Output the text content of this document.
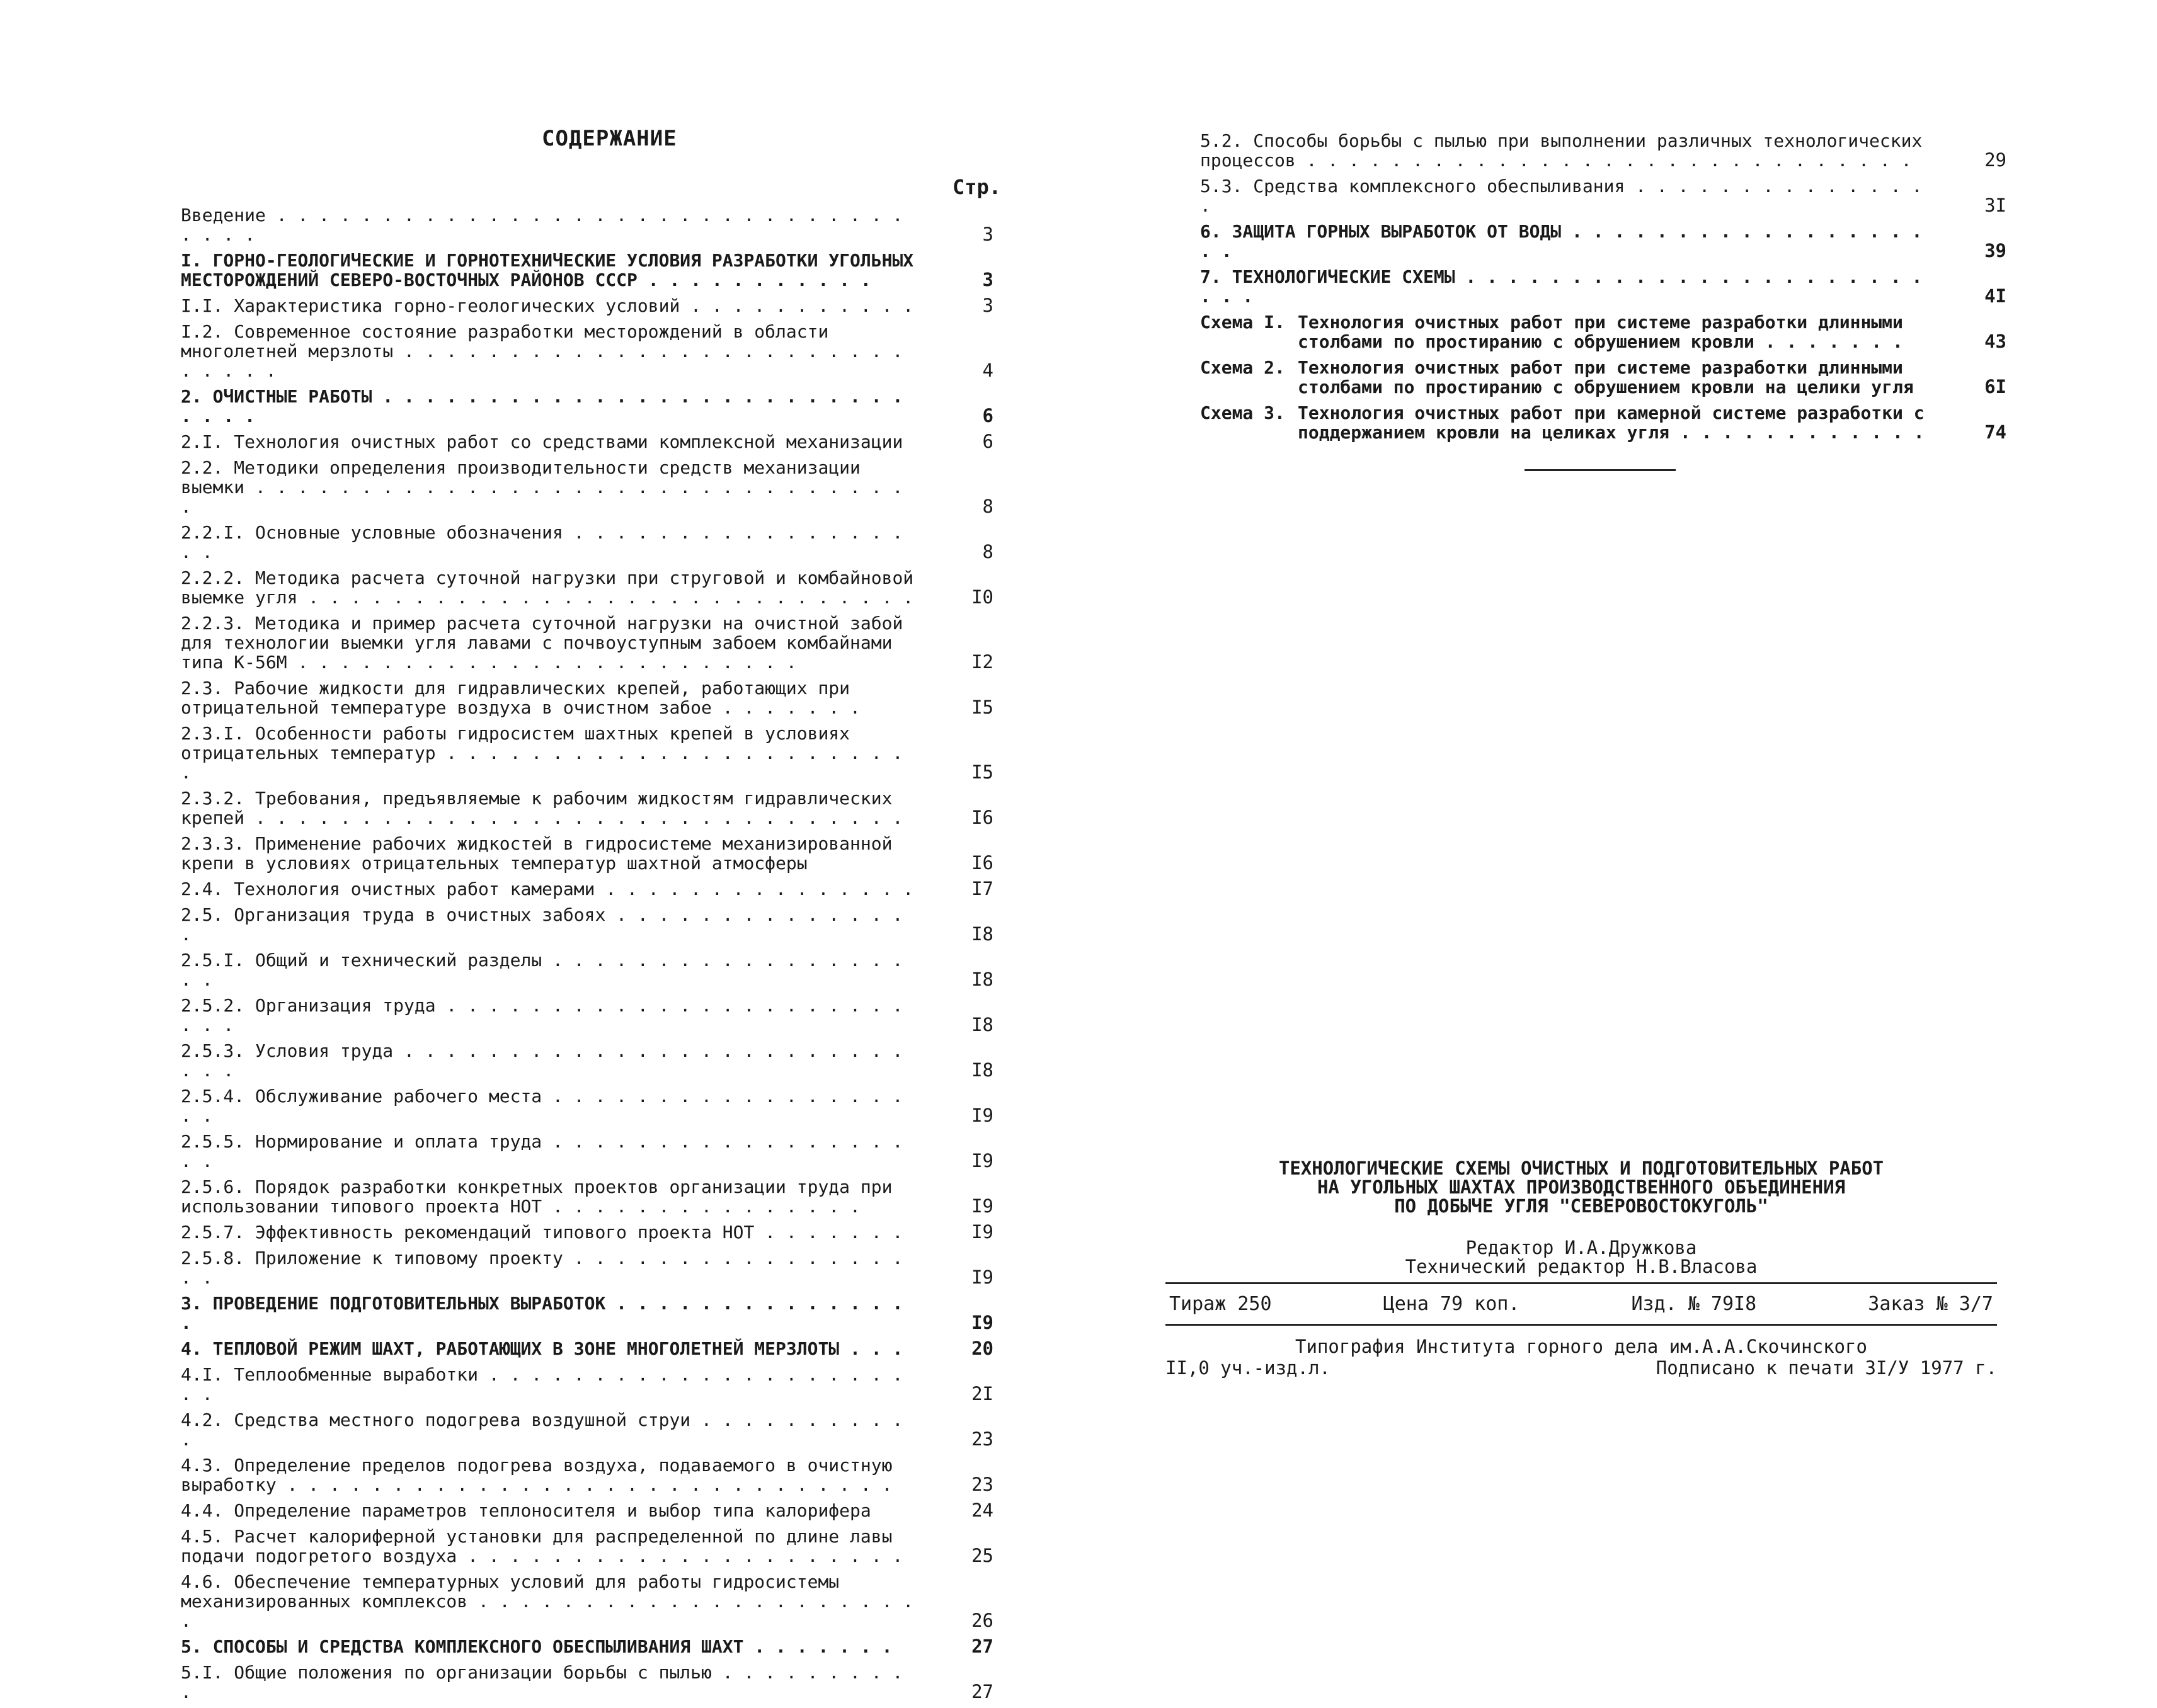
СОДЕРЖАНИЕ
Стр.
Введение . . . . . . . . . . . . . . . . . . . . . . . . . . . . . . . . . .	3
I. ГОРНО-ГЕОЛОГИЧЕСКИЕ И ГОРНОТЕХНИЧЕСКИЕ УСЛОВИЯ РАЗРАБОТКИ УГОЛЬНЫХ МЕСТОРОЖДЕНИЙ СЕВЕРО-ВОСТОЧНЫХ РАЙОНОВ СССР . . . . . . . . . . .	3
I.I. Характеристика горно-геологических условий . . . . . . . . . . .	3
I.2. Современное состояние разработки месторождений в области многолетней мерзлоты . . . . . . . . . . . . . . . . . . . . . . . . . . . . .	4
2. ОЧИСТНЫЕ РАБОТЫ . . . . . . . . . . . . . . . . . . . . . . . . . . . . .	6
2.I. Технология очистных работ со средствами комплексной механизации	6
2.2. Методики определения производительности средств механизации выемки . . . . . . . . . . . . . . . . . . . . . . . . . . . . . . . .	8
2.2.I. Основные условные обозначения . . . . . . . . . . . . . . . . . .	8
2.2.2. Методика расчета суточной нагрузки при струговой и комбайновой выемке угля . . . . . . . . . . . . . . . . . . . . . . . . . . . . .	I0
2.2.3. Методика и пример расчета суточной нагрузки на очистной забой для технологии выемки угля лавами с почвоуступным забоем комбайнами типа К-56М . . . . . . . . . . . . . . . . . . . . . . . .	I2
2.3. Рабочие жидкости для гидравлических крепей, работающих при отрицательной температуре воздуха в очистном забое . . . . . . .	I5
2.3.I. Особенности работы гидросистем шахтных крепей в условиях отрицательных температур . . . . . . . . . . . . . . . . . . . . . . .	I5
2.3.2. Требования, предъявляемые к рабочим жидкостям гидравлических крепей . . . . . . . . . . . . . . . . . . . . . . . . . . . . . . .	I6
2.3.3. Применение рабочих жидкостей в гидросистеме механизированной крепи в условиях отрицательных температур шахтной атмосферы	I6
2.4. Технология очистных работ камерами . . . . . . . . . . . . . . .	I7
2.5. Организация труда в очистных забоях . . . . . . . . . . . . . . .	I8
2.5.I. Общий и технический разделы . . . . . . . . . . . . . . . . . . .	I8
2.5.2. Организация труда . . . . . . . . . . . . . . . . . . . . . . . . .	I8
2.5.3. Условия труда . . . . . . . . . . . . . . . . . . . . . . . . . . .	I8
2.5.4. Обслуживание рабочего места . . . . . . . . . . . . . . . . . . .	I9
2.5.5. Нормирование и оплата труда . . . . . . . . . . . . . . . . . . .	I9
2.5.6. Порядок разработки конкретных проектов организации труда при использовании типового проекта НОТ . . . . . . . . . . . . . . .	I9
2.5.7. Эффективность рекомендаций типового проекта НОТ . . . . . . .	I9
2.5.8. Приложение к типовому проекту . . . . . . . . . . . . . . . . . .	I9
3. ПРОВЕДЕНИЕ ПОДГОТОВИТЕЛЬНЫХ ВЫРАБОТОК . . . . . . . . . . . . . . .	I9
4. ТЕПЛОВОЙ РЕЖИМ ШАХТ, РАБОТАЮЩИХ В ЗОНЕ МНОГОЛЕТНЕЙ МЕРЗЛОТЫ . . .	20
4.I. Теплообменные выработки . . . . . . . . . . . . . . . . . . . . . .	2I
4.2. Средства местного подогрева воздушной струи . . . . . . . . . . .	23
4.3. Определение пределов подогрева воздуха, подаваемого в очистную выработку . . . . . . . . . . . . . . . . . . . . . . . . . . . . .	23
4.4. Определение параметров теплоносителя и выбор типа калорифера	24
4.5. Расчет калориферной установки для распределенной по длине лавы подачи подогретого воздуха . . . . . . . . . . . . . . . . . . . . .	25
4.6. Обеспечение температурных условий для работы гидросистемы механизированных комплексов . . . . . . . . . . . . . . . . . . . . . .	26
5. СПОСОБЫ И СРЕДСТВА КОМПЛЕКСНОГО ОБЕСПЫЛИВАНИЯ ШАХТ . . . . . . .	27
5.I. Общие положения по организации борьбы с пылью . . . . . . . . . .	27
5.2. Способы борьбы с пылью при выполнении различных технологических процессов . . . . . . . . . . . . . . . . . . . . . . . . . . . . .	29
5.3. Средства комплексного обеспыливания . . . . . . . . . . . . . . .	3I
6. ЗАЩИТА ГОРНЫХ ВЫРАБОТОК ОТ ВОДЫ . . . . . . . . . . . . . . . . . . .	39
7. ТЕХНОЛОГИЧЕСКИЕ СХЕМЫ . . . . . . . . . . . . . . . . . . . . . . . . .	4I
Схема I. Технология очистных работ при системе разработки длинными столбами по простиранию с обрушением кровли . . . . . . .	43
Схема 2. Технология очистных работ при системе разработки длинными столбами по простиранию с обрушением кровли на целики угля	6I
Схема 3. Технология очистных работ при камерной системе разработки с поддержанием кровли на целиках угля . . . . . . . . . . . .	74
ТЕХНОЛОГИЧЕСКИЕ СХЕМЫ ОЧИСТНЫХ И ПОДГОТОВИТЕЛЬНЫХ РАБОТ
НА УГОЛЬНЫХ ШАХТАХ ПРОИЗВОДСТВЕННОГО ОБЪЕДИНЕНИЯ
ПО ДОБЫЧЕ УГЛЯ "СЕВЕРОВОСТОКУГОЛЬ"
Редактор И.А.Дружкова
Технический редактор Н.В.Власова
Тираж 250	Цена 79 коп.	Изд. № 79I8	Заказ № 3/7
Типография Института горного дела им.А.А.Скочинского
II,0 уч.-изд.л.	Подписано к печати 3I/У 1977 г.
